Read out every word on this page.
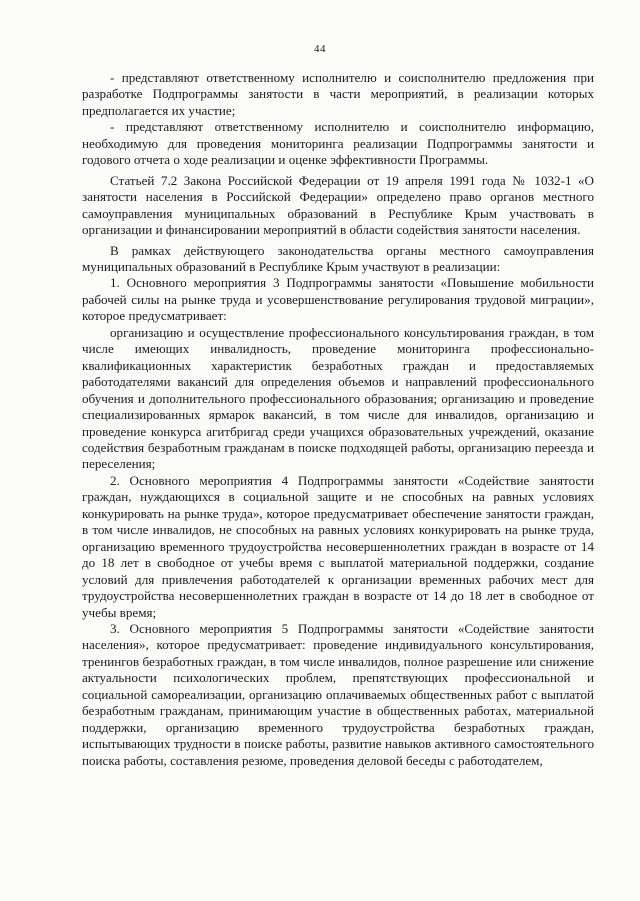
44

- представляют ответственному исполнителю и соисполнителю предложения при разработке Подпрограммы занятости в части мероприятий, в реализации которых предполагается их участие;

- представляют ответственному исполнителю и соисполнителю информацию, необходимую для проведения мониторинга реализации Подпрограммы занятости и годового отчета о ходе реализации и оценке эффективности Программы.

Статьей 7.2 Закона Российской Федерации от 19 апреля 1991 года № 1032-1 «О занятости населения в Российской Федерации» определено право органов местного самоуправления муниципальных образований в Республике Крым участвовать в организации и финансировании мероприятий в области содействия занятости населения.

В рамках действующего законодательства органы местного самоуправления муниципальных образований в Республике Крым участвуют в реализации:

1. Основного мероприятия 3 Подпрограммы занятости «Повышение мобильности рабочей силы на рынке труда и усовершенствование регулирования трудовой миграции», которое предусматривает:

организацию и осуществление профессионального консультирования граждан, в том числе имеющих инвалидность, проведение мониторинга профессионально-квалификационных характеристик безработных граждан и предоставляемых работодателями вакансий для определения объемов и направлений профессионального обучения и дополнительного профессионального образования; организацию и проведение специализированных ярмарок вакансий, в том числе для инвалидов, организацию и проведение конкурса агитбригад среди учащихся образовательных учреждений, оказание содействия безработным гражданам в поиске подходящей работы, организацию переезда и переселения;

2. Основного мероприятия 4 Подпрограммы занятости «Содействие занятости граждан, нуждающихся в социальной защите и не способных на равных условиях конкурировать на рынке труда», которое предусматривает обеспечение занятости граждан, в том числе инвалидов, не способных на равных условиях конкурировать на рынке труда, организацию временного трудоустройства несовершеннолетних граждан в возрасте от 14 до 18 лет в свободное от учебы время с выплатой материальной поддержки, создание условий для привлечения работодателей к организации временных рабочих мест для трудоустройства несовершеннолетних граждан в возрасте от 14 до 18 лет в свободное от учебы время;

3. Основного мероприятия 5 Подпрограммы занятости «Содействие занятости населения», которое предусматривает: проведение индивидуального консультирования, тренингов безработных граждан, в том числе инвалидов, полное разрешение или снижение актуальности психологических проблем, препятствующих профессиональной и социальной самореализации, организацию оплачиваемых общественных работ с выплатой безработным гражданам, принимающим участие в общественных работах, материальной поддержки, организацию временного трудоустройства безработных граждан, испытывающих трудности в поиске работы, развитие навыков активного самостоятельного поиска работы, составления резюме, проведения деловой беседы с работодателем,
